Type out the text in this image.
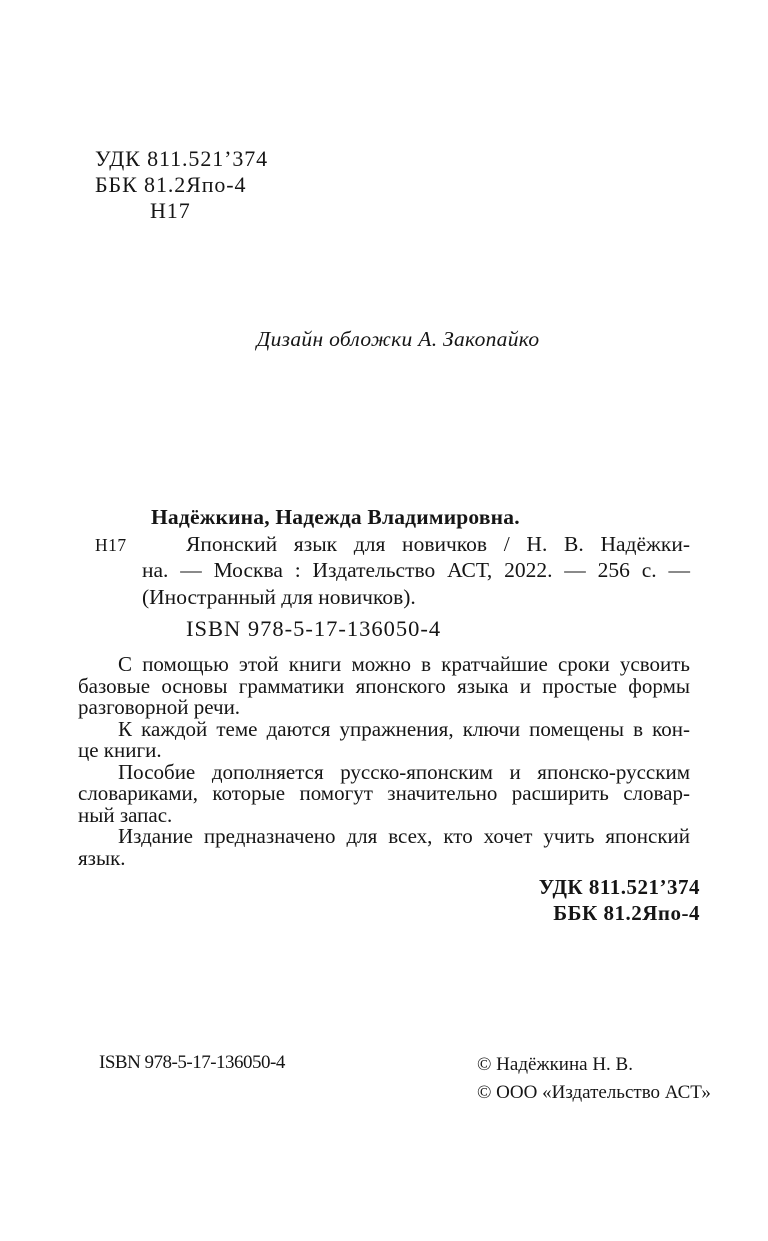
УДК 811.521’374
ББК 81.2Япо-4
Н17
Дизайн обложки А. Закопайко
Н17
Надёжкина, Надежда Владимировна.
Японский язык для новичков / Н. В. Надёжки-
на. — Москва : Издательство АСТ, 2022. — 256 с. —
(Иностранный для новичков).
ISBN 978-5-17-136050-4
С помощью этой книги можно в кратчайшие сроки усвоить
базовые основы грамматики японского языка и простые формы
разговорной речи.
К каждой теме даются упражнения, ключи помещены в кон-
це книги.
Пособие дополняется русско-японским и японско-русским
словариками, которые помогут значительно расширить словар-
ный запас.
Издание предназначено для всех, кто хочет учить японский
язык.
УДК 811.521’374
ББК 81.2Япо-4
ISBN 978-5-17-136050-4	© Надёжкина Н. В.
© ООО «Издательство АСТ»
